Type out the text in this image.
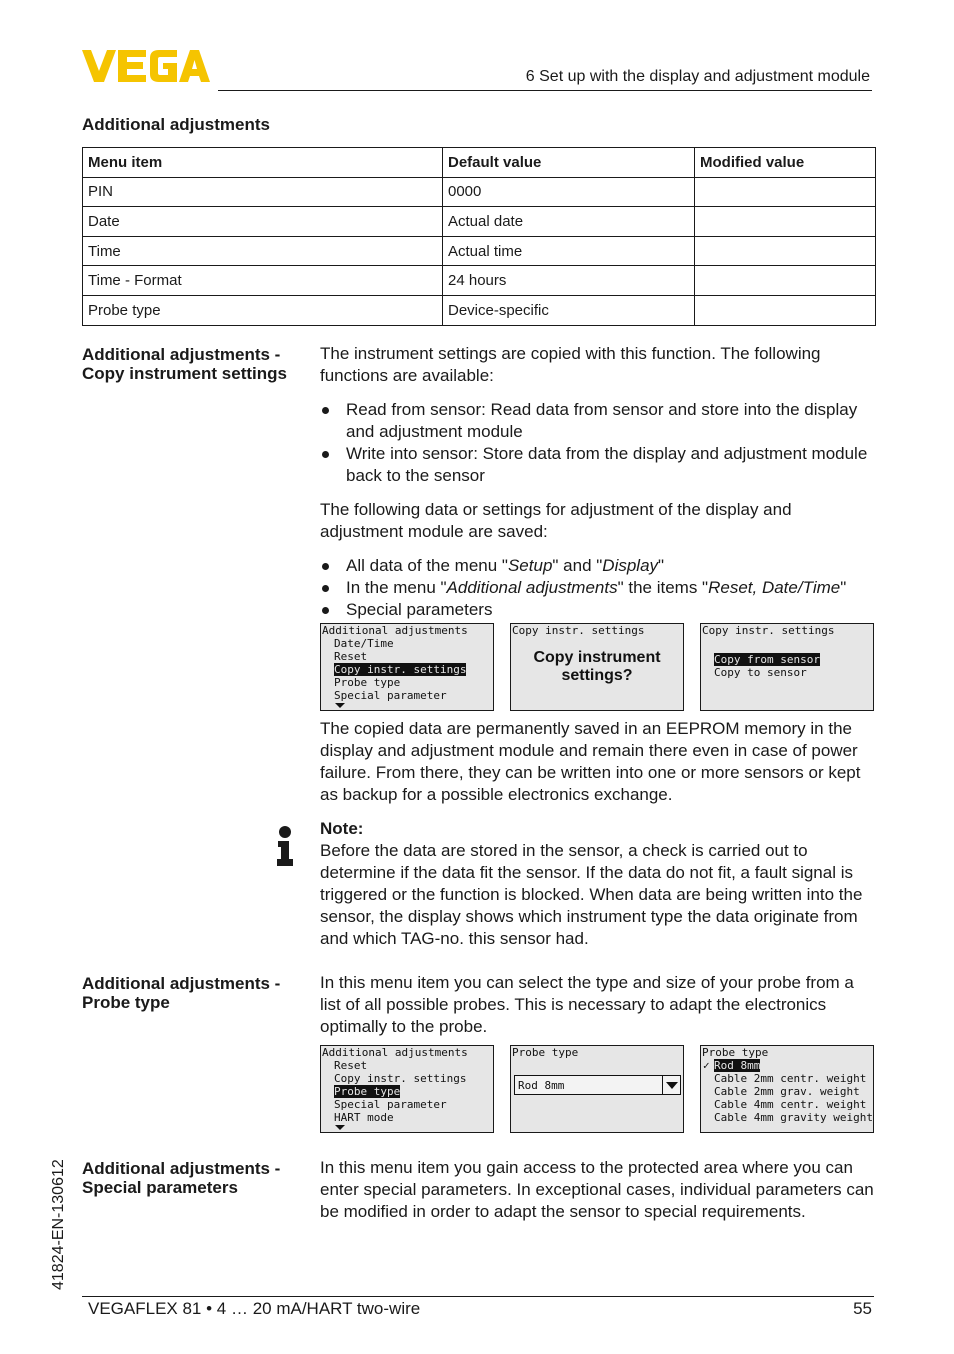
6 Set up with the display and adjustment module
Additional adjustments
Menu item	Default value	Modified value
PIN	0000	
Date	Actual date	
Time	Actual time	
Time - Format	24 hours	
Probe type	Device-specific	
Additional adjustments -
Copy instrument settings
The instrument settings are copied with this function. The following functions are available:
Read from sensor: Read data from sensor and store into the display and adjustment module
Write into sensor: Store data from the display and adjustment module back to the sensor
The following data or settings for adjustment of the display and adjustment module are saved:
All data of the menu "Setup" and "Display"
In the menu "Additional adjustments" the items "Reset, Date/Time"
Special parameters
Additional adjustments
Date/Time
Reset
Copy instr. settings
Probe type
Special parameter
Copy instr. settings
Copy instrument
settings?
Copy instr. settings
Copy from sensor
Copy to sensor
The copied data are permanently saved in an EEPROM memory in the display and adjustment module and remain there even in case of power failure. From there, they can be written into one or more sensors or kept as backup for a possible electronics exchange.
Note:
Before the data are stored in the sensor, a check is carried out to determine if the data fit the sensor. If the data do not fit, a fault signal is triggered or the function is blocked. When data are being written into the sensor, the display shows which instrument type the data originate from and which TAG-no. this sensor had.
Additional adjustments -
Probe type
In this menu item you can select the type and size of your probe from a list of all possible probes. This is necessary to adapt the electronics optimally to the probe.
Additional adjustments
Reset
Copy instr. settings
Probe type
Special parameter
HART mode
Probe type
Rod 8mm
Probe type
✓ Rod 8mm
Cable 2mm centr. weight
Cable 2mm grav. weight
Cable 4mm centr. weight
Cable 4mm gravity weight
Additional adjustments -
Special parameters
In this menu item you gain access to the protected area where you can enter special parameters. In exceptional cases, individual parameters can be modified in order to adapt the sensor to special requirements.
41824-EN-130612
VEGAFLEX 81 • 4 … 20 mA/HART two-wire	55
